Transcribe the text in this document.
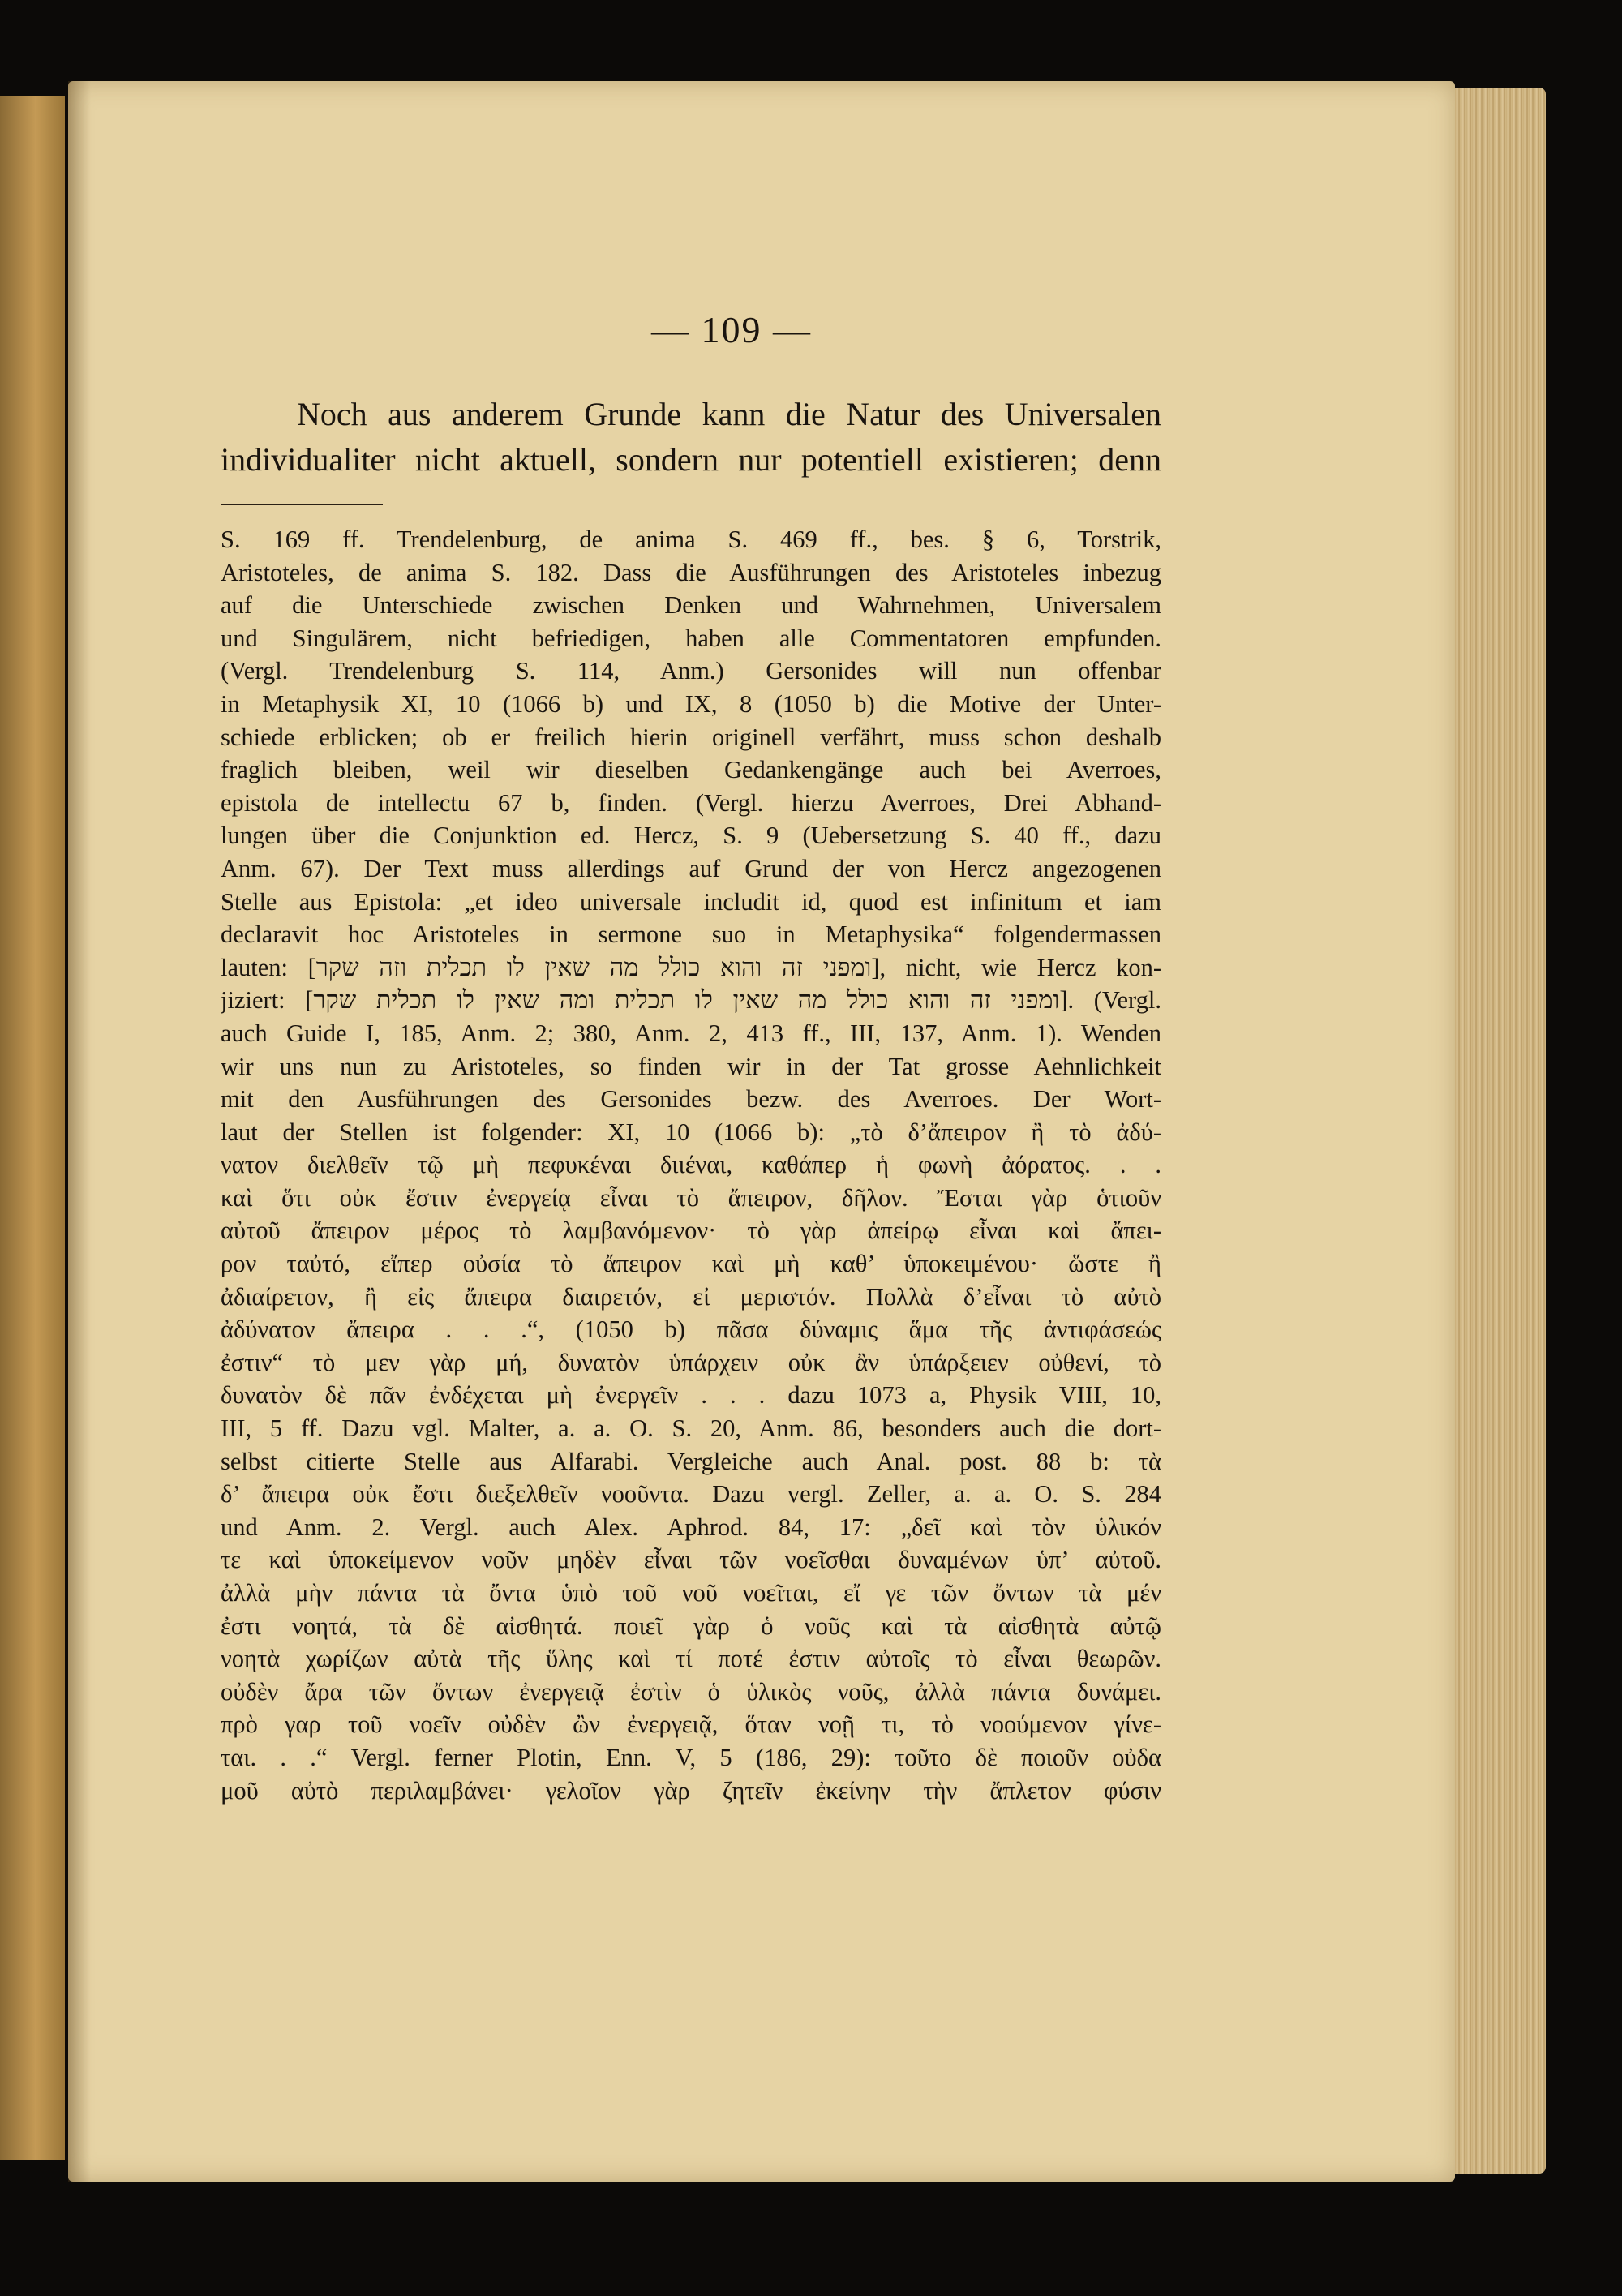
— 109 —
Noch aus anderem Grunde kann die Natur des Universalen
individualiter nicht aktuell, sondern nur potentiell existieren; denn
S. 169 ff. Trendelenburg, de anima S. 469 ff., bes. § 6, Torstrik,
Aristoteles, de anima S. 182. Dass die Ausführungen des Aristoteles inbezug
auf die Unterschiede zwischen Denken und Wahrnehmen, Universalem
und Singulärem, nicht befriedigen, haben alle Commentatoren empfunden.
(Vergl. Trendelenburg S. 114, Anm.) Gersonides will nun offenbar
in Metaphysik XI, 10 (1066 b) und IX, 8 (1050 b) die Motive der Unter-
schiede erblicken; ob er freilich hierin originell verfährt, muss schon deshalb
fraglich bleiben, weil wir dieselben Gedankengänge auch bei Averroes,
epistola de intellectu 67 b, finden. (Vergl. hierzu Averroes, Drei Abhand-
lungen über die Conjunktion ed. Hercz, S. 9 (Uebersetzung S. 40 ff., dazu
Anm. 67). Der Text muss allerdings auf Grund der von Hercz angezogenen
Stelle aus Epistola: „et ideo universale includit id, quod est infinitum et iam
declaravit hoc Aristoteles in sermone suo in Metaphysika“ folgendermassen
lauten: [ומפני זה והוא כולל מה שאין לו תכלית וזה שקר], nicht, wie Hercz kon-
jiziert: [ומפני זה והוא כולל מה שאין לו תכלית ומה שאין לו תכלית שקר]. (Vergl.
auch Guide I, 185, Anm. 2; 380, Anm. 2, 413 ff., III, 137, Anm. 1). Wenden
wir uns nun zu Aristoteles, so finden wir in der Tat grosse Aehnlichkeit
mit den Ausführungen des Gersonides bezw. des Averroes. Der Wort-
laut der Stellen ist folgender: XI, 10 (1066 b): „τὸ δ’ἄπειρον ἢ τὸ ἀδύ-
νατον διελθεῖν τῷ μὴ πεφυκέναι διιέναι, καθάπερ ἡ φωνὴ ἀόρατος. . .
καὶ ὅτι οὐκ ἔστιν ἐνεργείᾳ εἶναι τὸ ἄπειρον, δῆλον. Ἔσται γὰρ ὁτιοῦν
αὐτοῦ ἄπειρον μέρος τὸ λαμβανόμενον· τὸ γὰρ ἀπείρῳ εἶναι καὶ ἄπει-
ρον ταὐτό, εἴπερ οὐσία τὸ ἄπειρον καὶ μὴ καθ’ ὑποκειμένου· ὥστε ἢ
ἀδιαίρετον, ἢ εἰς ἄπειρα διαιρετόν, εἰ μεριστόν. Πολλὰ δ’εἶναι τὸ αὐτὸ
ἀδύνατον ἄπειρα . . .“, (1050 b) πᾶσα δύναμις ἅμα τῆς ἀντιφάσεώς
ἐστιν“ τὸ μεν γὰρ μή, δυνατὸν ὑπάρχειν οὐκ ἂν ὑπάρξειεν οὐθενί, τὸ
δυνατὸν δὲ πᾶν ἐνδέχεται μὴ ἐνεργεῖν . . . dazu 1073 a, Physik VIII, 10,
III, 5 ff. Dazu vgl. Malter, a. a. O. S. 20, Anm. 86, besonders auch die dort-
selbst citierte Stelle aus Alfarabi. Vergleiche auch Anal. post. 88 b: τὰ
δ’ ἄπειρα οὐκ ἔστι διεξελθεῖν νοοῦντα. Dazu vergl. Zeller, a. a. O. S. 284
und Anm. 2. Vergl. auch Alex. Aphrod. 84, 17: „δεῖ καὶ τὸν ὑλικόν
τε καὶ ὑποκείμενον νοῦν μηδὲν εἶναι τῶν νοεῖσθαι δυναμένων ὑπ’ αὐτοῦ.
ἀλλὰ μὴν πάντα τὰ ὄντα ὑπὸ τοῦ νοῦ νοεῖται, εἴ γε τῶν ὄντων τὰ μέν
ἐστι νοητά, τὰ δὲ αἰσθητά. ποιεῖ γὰρ ὁ νοῦς καὶ τὰ αἰσθητὰ αὐτῷ
νοητὰ χωρίζων αὐτὰ τῆς ὕλης καὶ τί ποτέ ἐστιν αὐτοῖς τὸ εἶναι θεωρῶν.
οὐδὲν ἄρα τῶν ὄντων ἐνεργειᾷ ἐστὶν ὁ ὑλικὸς νοῦς, ἀλλὰ πάντα δυνάμει.
πρὸ γαρ τοῦ νοεῖν οὐδὲν ὢν ἐνεργειᾷ, ὅταν νοῇ τι, τὸ νοούμενον γίνε-
ται. . .“ Vergl. ferner Plotin, Enn. V, 5 (186, 29): τοῦτο δὲ ποιοῦν οὐδα
μοῦ αὐτὸ περιλαμβάνει· γελοῖον γὰρ ζητεῖν ἐκείνην τὴν ἄπλετον φύσιν
